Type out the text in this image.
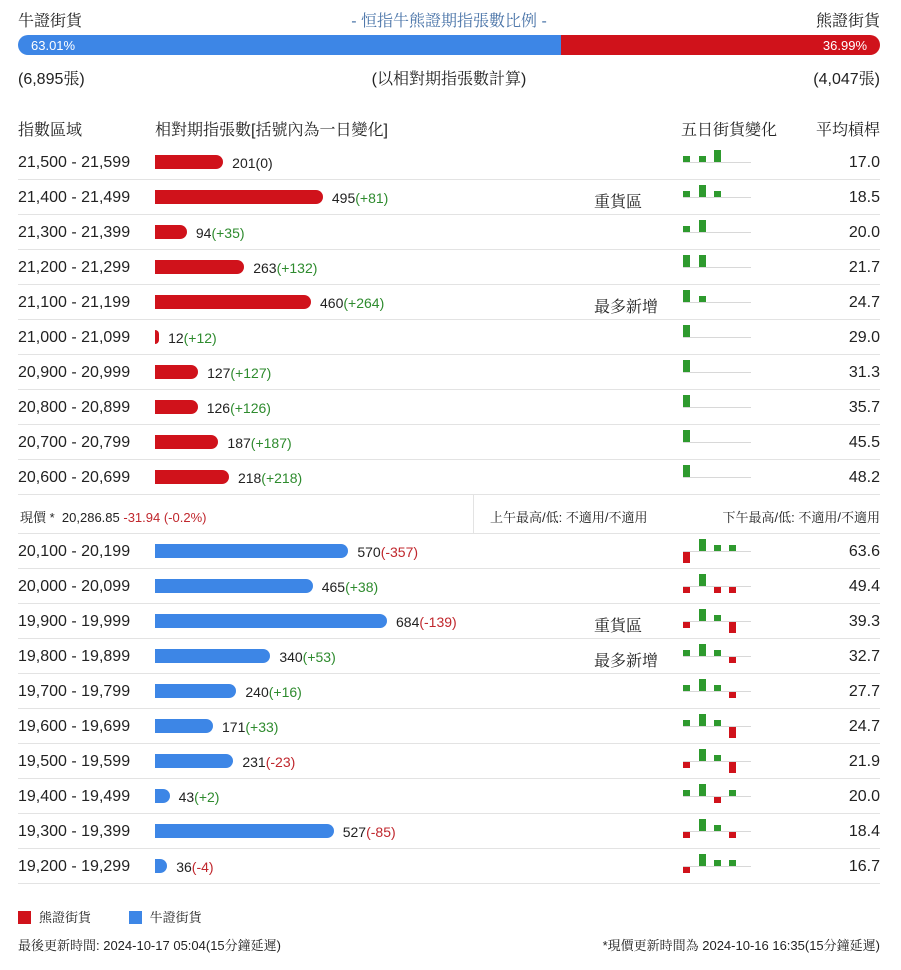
牛證街貨	- 恒指牛熊證期指張數比例 -	熊證街貨
63.01%	36.99%
(6,895張)	(以相對期指張數計算)	(4,047張)
指數區域	相對期指張數[括號內為一日變化]	五日街貨變化 平均槓桿
21,500 - 21,599	201(0)	17.0
21,400 - 21,499	495(+81)	重貨區	18.5
21,300 - 21,399	94(+35)	20.0
21,200 - 21,299	263(+132)	21.7
21,100 - 21,199	460(+264)	最多新增	24.7
21,000 - 21,099	12(+12)	29.0
20,900 - 20,999	127(+127)	31.3
20,800 - 20,899	126(+126)	35.7
20,700 - 20,799	187(+187)	45.5
20,600 - 20,699	218(+218)	48.2
現價 * 20,286.85 -31.94 (-0.2%)	上午最高/低: 不適用/不適用	下午最高/低: 不適用/不適用
20,100 - 20,199	570(-357)	63.6
20,000 - 20,099	465(+38)	49.4
19,900 - 19,999	684(-139)	重貨區	39.3
19,800 - 19,899	340(+53)	最多新增	32.7
19,700 - 19,799	240(+16)	27.7
19,600 - 19,699	171(+33)	24.7
19,500 - 19,599	231(-23)	21.9
19,400 - 19,499	43(+2)	20.0
19,300 - 19,399	527(-85)	18.4
19,200 - 19,299	36(-4)	16.7
熊證街貨	牛證街貨
最後更新時間: 2024-10-17 05:04(15分鐘延遲)	*現價更新時間為 2024-10-16 16:35(15分鐘延遲)
